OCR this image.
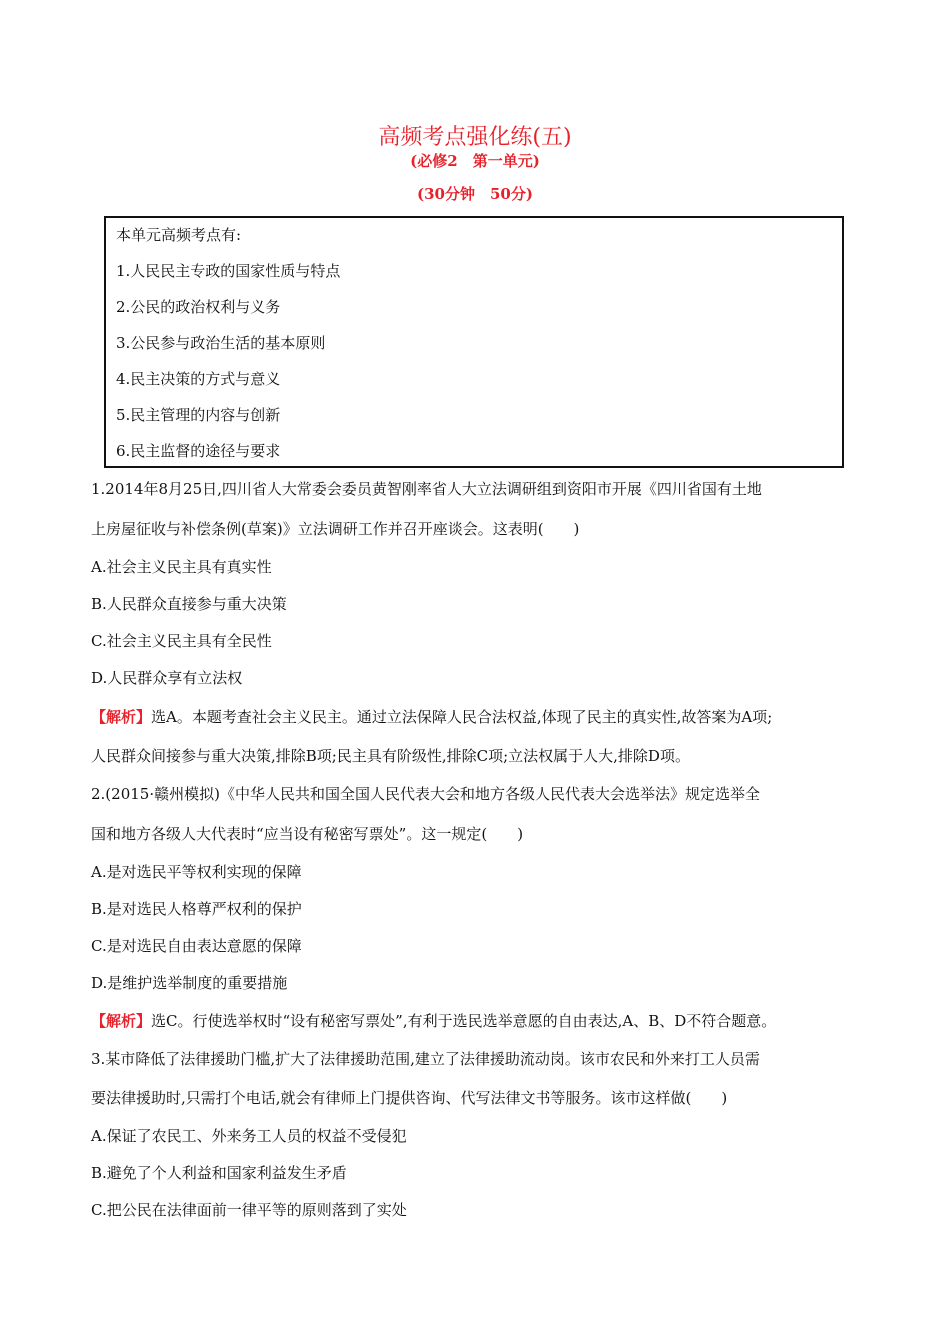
高频考点强化练(五)
(必修2　第一单元)
(30分钟　50分)
本单元高频考点有:
1.人民民主专政的国家性质与特点
2.公民的政治权利与义务
3.公民参与政治生活的基本原则
4.民主决策的方式与意义
5.民主管理的内容与创新
6.民主监督的途径与要求
1.2014年8月25日,四川省人大常委会委员黄智刚率省人大立法调研组到资阳市开展《四川省国有土地
上房屋征收与补偿条例(草案)》立法调研工作并召开座谈会。这表明(　　)
A.社会主义民主具有真实性
B.人民群众直接参与重大决策
C.社会主义民主具有全民性
D.人民群众享有立法权
【解析】选A。本题考查社会主义民主。通过立法保障人民合法权益,体现了民主的真实性,故答案为A项;
人民群众间接参与重大决策,排除B项;民主具有阶级性,排除C项;立法权属于人大,排除D项。
2.(2015·赣州模拟)《中华人民共和国全国人民代表大会和地方各级人民代表大会选举法》规定选举全
国和地方各级人大代表时“应当设有秘密写票处”。这一规定(　　)
A.是对选民平等权利实现的保障
B.是对选民人格尊严权利的保护
C.是对选民自由表达意愿的保障
D.是维护选举制度的重要措施
【解析】选C。行使选举权时“设有秘密写票处”,有利于选民选举意愿的自由表达,A、B、D不符合题意。
3.某市降低了法律援助门槛,扩大了法律援助范围,建立了法律援助流动岗。该市农民和外来打工人员需
要法律援助时,只需打个电话,就会有律师上门提供咨询、代写法律文书等服务。该市这样做(　　)
A.保证了农民工、外来务工人员的权益不受侵犯
B.避免了个人利益和国家利益发生矛盾
C.把公民在法律面前一律平等的原则落到了实处
